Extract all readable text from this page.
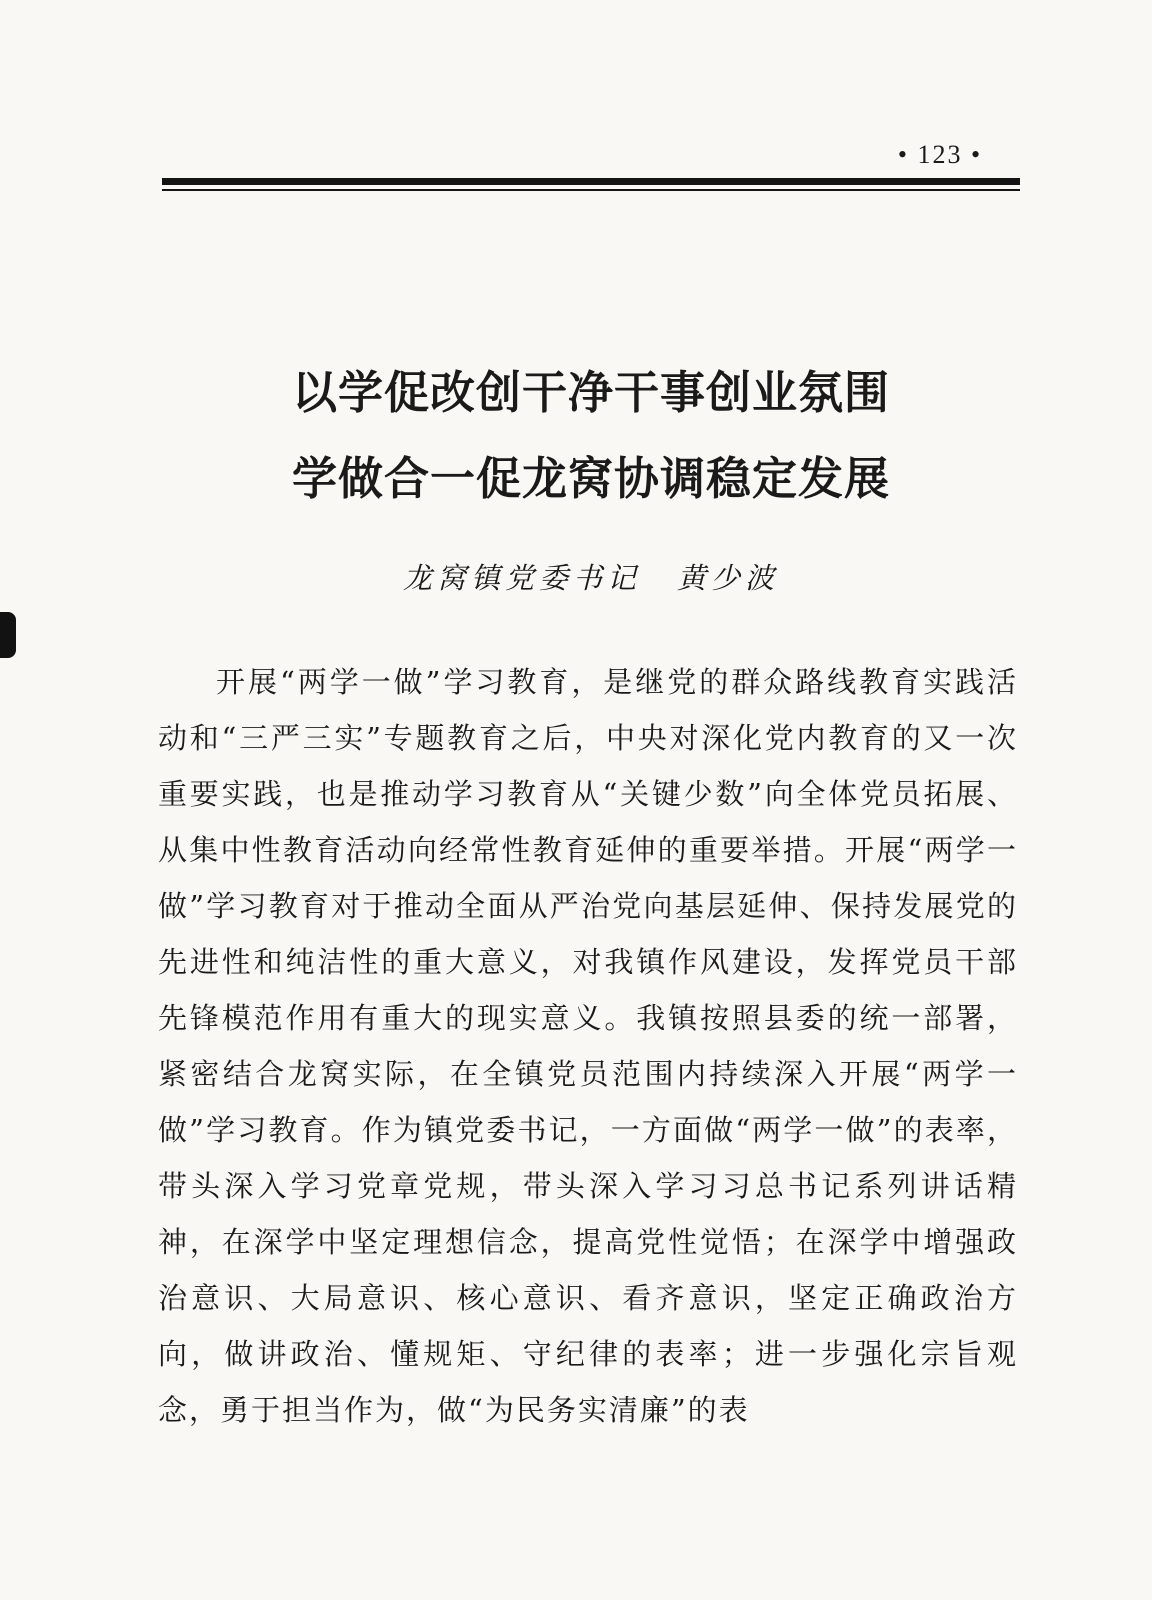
• 123 •
以学促改创干净干事创业氛围
学做合一促龙窝协调稳定发展
龙窝镇党委书记 黄少波

开展“两学一做”学习教育，是继党的群众路线教育实践活动和“三严三实”专题教育之后，中央对深化党内教育的又一次重要实践，也是推动学习教育从“关键少数”向全体党员拓展、从集中性教育活动向经常性教育延伸的重要举措。开展“两学一做”学习教育对于推动全面从严治党向基层延伸、保持发展党的先进性和纯洁性的重大意义，对我镇作风建设，发挥党员干部先锋模范作用有重大的现实意义。我镇按照县委的统一部署，紧密结合龙窝实际，在全镇党员范围内持续深入开展“两学一做”学习教育。作为镇党委书记，一方面做“两学一做”的表率，带头深入学习党章党规，带头深入学习习总书记系列讲话精神，在深学中坚定理想信念，提高党性觉悟；在深学中增强政治意识、大局意识、核心意识、看齐意识，坚定正确政治方向，做讲政治、懂规矩、守纪律的表率；进一步强化宗旨观念，勇于担当作为，做“为民务实清廉”的表
